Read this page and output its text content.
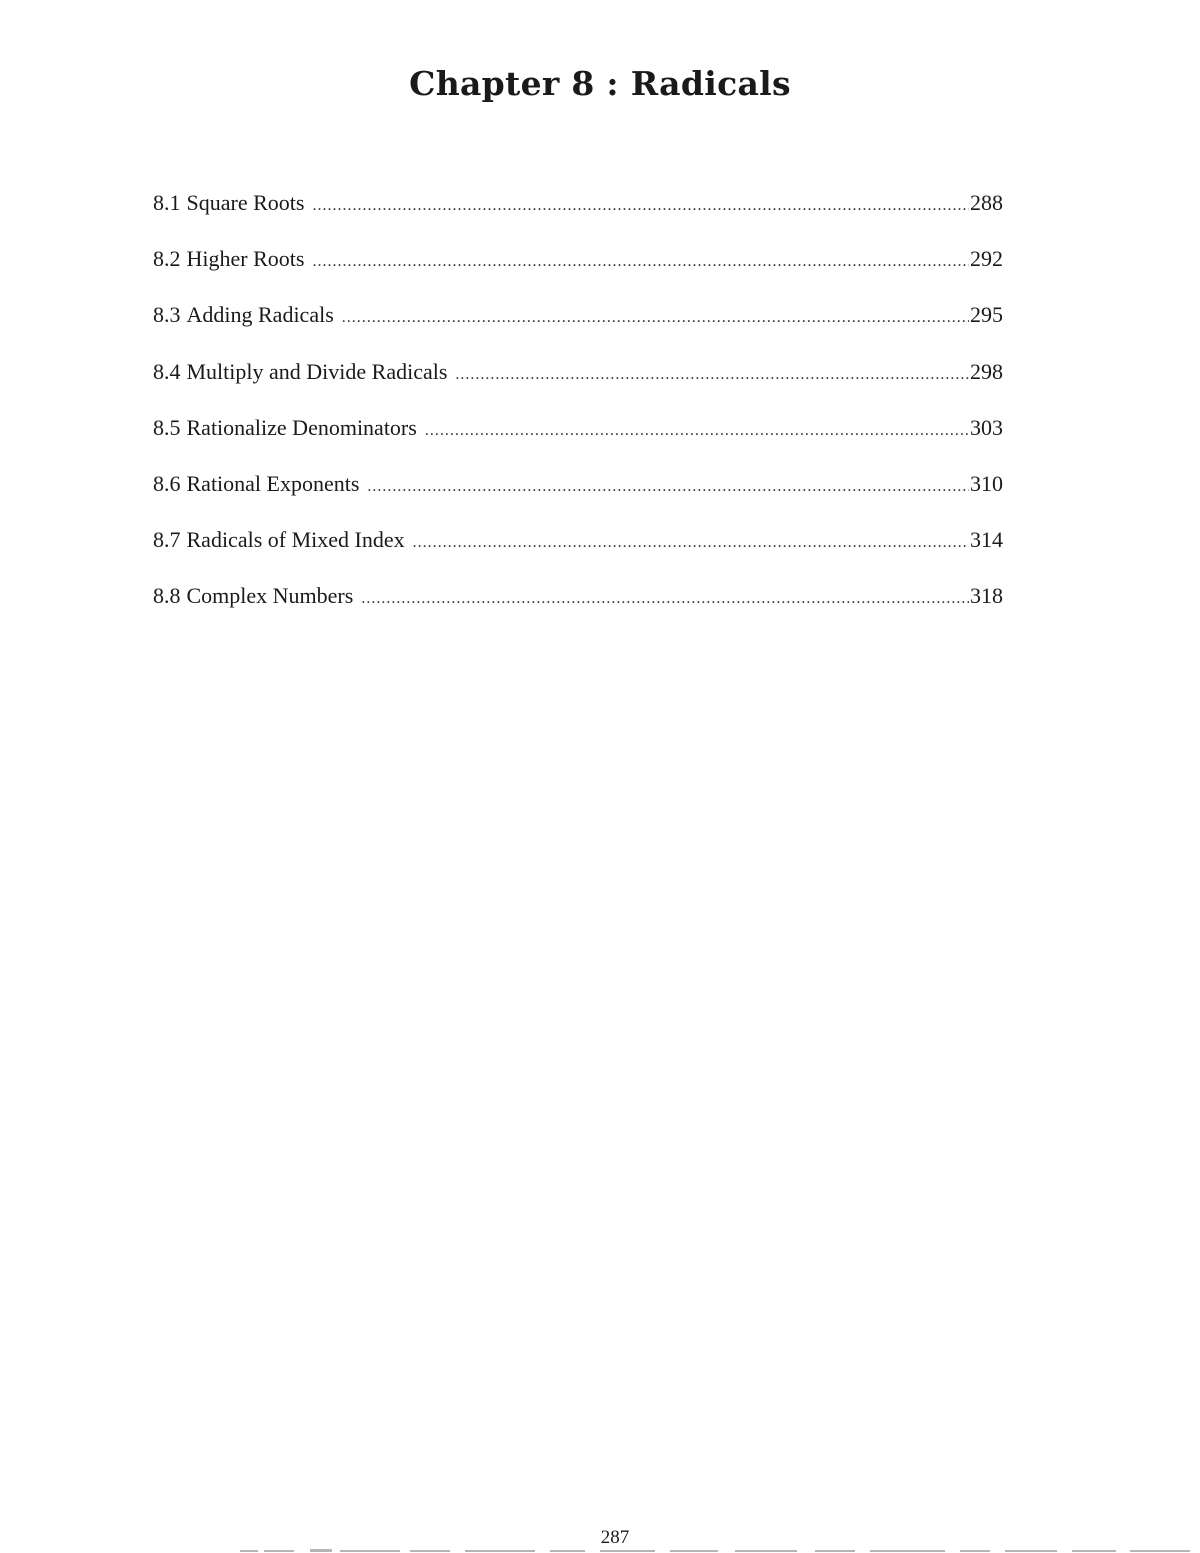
Chapter 8 : Radicals
8.1 Square Roots .....	288
8.2 Higher Roots .....	292
8.3 Adding Radicals .....	295
8.4 Multiply and Divide Radicals .....	298
8.5 Rationalize Denominators .....	303
8.6 Rational Exponents .....	310
8.7 Radicals of Mixed Index .....	314
8.8 Complex Numbers .....	318
287
